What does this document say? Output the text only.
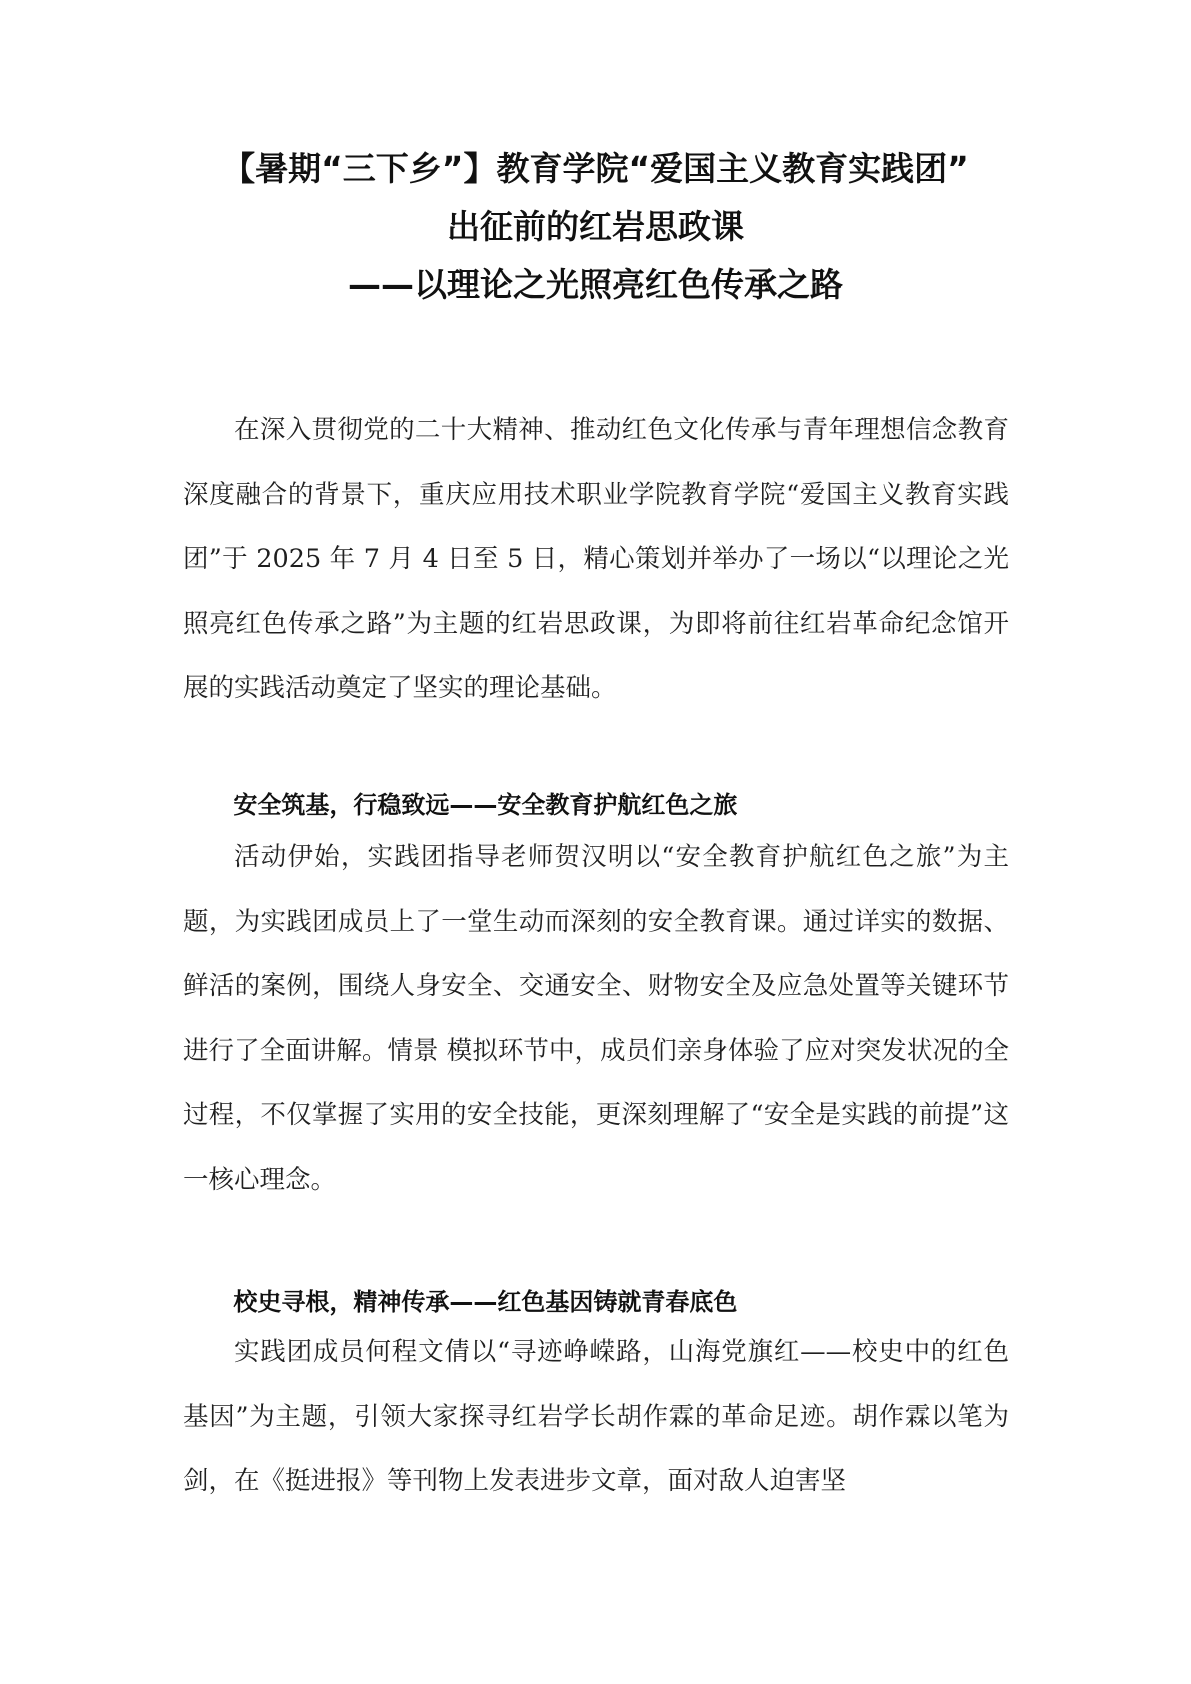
【暑期“三下乡”】教育学院“爱国主义教育实践团”
出征前的红岩思政课
——以理论之光照亮红色传承之路

在深入贯彻党的二十大精神、推动红色文化传承与青年理想信念教育深度融合的背景下，重庆应用技术职业学院教育学院“爱国主义教育实践团”于 2025 年 7 月 4 日至 5 日，精心策划并举办了一场以“以理论之光照亮红色传承之路”为主题的红岩思政课，为即将前往红岩革命纪念馆开展的实践活动奠定了坚实的理论基础。

安全筑基，行稳致远——安全教育护航红色之旅

活动伊始，实践团指导老师贺汉明以“安全教育护航红色之旅”为主题，为实践团成员上了一堂生动而深刻的安全教育课。通过详实的数据、鲜活的案例，围绕人身安全、交通安全、财物安全及应急处置等关键环节进行了全面讲解。情景 模拟环节中，成员们亲身体验了应对突发状况的全过程，不仅掌握了实用的安全技能，更深刻理解了“安全是实践的前提”这一核心理念。

校史寻根，精神传承——红色基因铸就青春底色

实践团成员何程文倩以“寻迹峥嵘路，山海党旗红——校史中的红色基因”为主题，引领大家探寻红岩学长胡作霖的革命足迹。胡作霖以笔为剑，在《挺进报》等刊物上发表进步文章，面对敌人迫害坚
